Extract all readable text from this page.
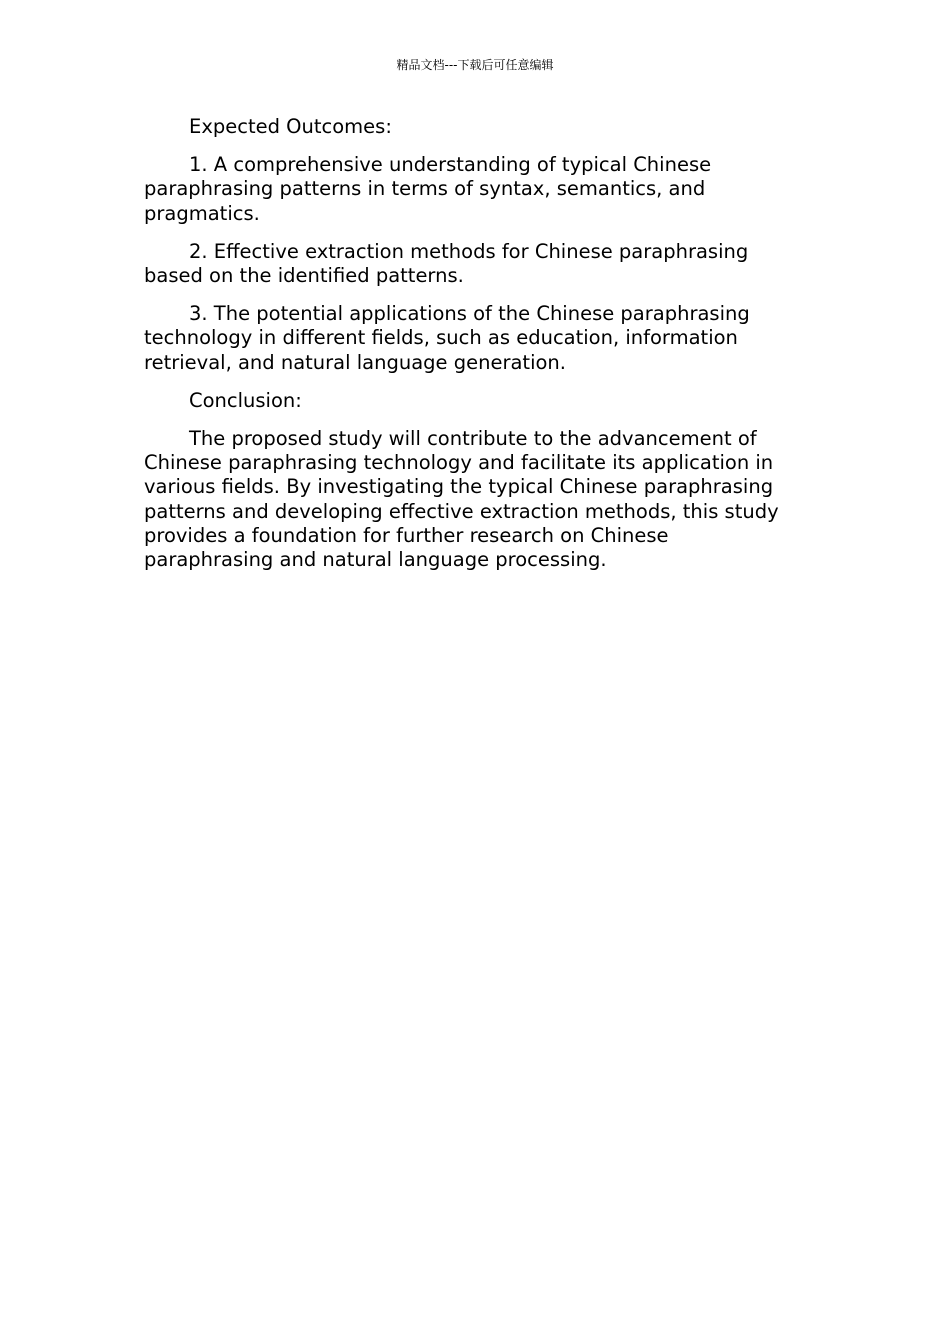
精品文档---下载后可任意编辑

Expected Outcomes:

1. A comprehensive understanding of typical Chinese paraphrasing patterns in terms of syntax, semantics, and pragmatics.

2. Effective extraction methods for Chinese paraphrasing based on the identified patterns.

3. The potential applications of the Chinese paraphrasing technology in different fields, such as education, information retrieval, and natural language generation.

Conclusion:

The proposed study will contribute to the advancement of Chinese paraphrasing technology and facilitate its application in various fields. By investigating the typical Chinese paraphrasing patterns and developing effective extraction methods, this study provides a foundation for further research on Chinese paraphrasing and natural language processing.
